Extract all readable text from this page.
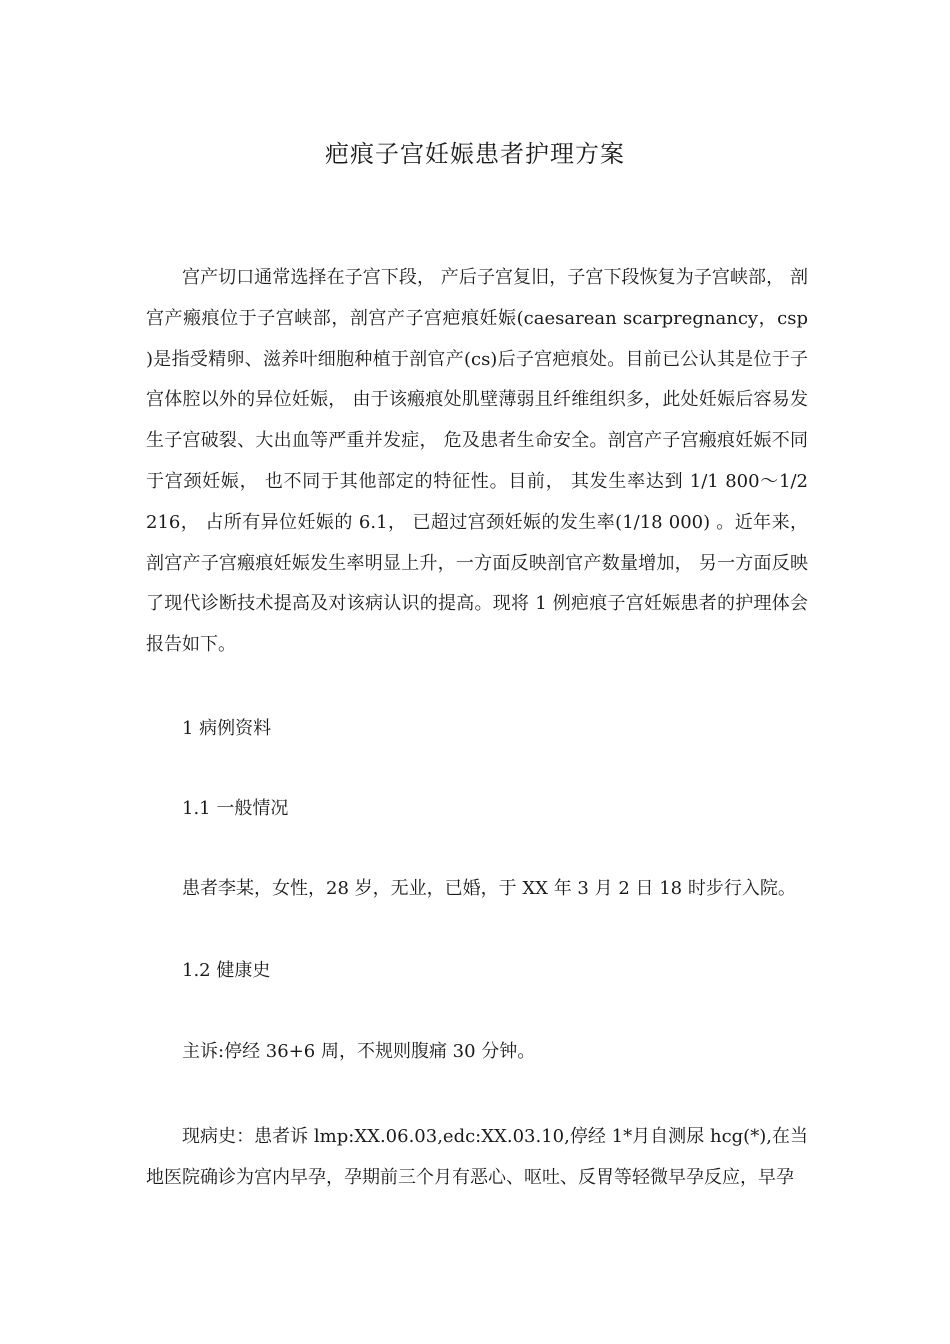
疤痕子宫妊娠患者护理方案

宫产切口通常选择在子宫下段， 产后子宫复旧，子宫下段恢复为子宫峡部， 剖宫产瘢痕位于子宫峡部，剖宫产子宫疤痕妊娠(caesarean scarpregnancy，csp )是指受精卵、滋养叶细胞种植于剖官产(cs)后子宫疤痕处。目前已公认其是位于子宫体腔以外的异位妊娠， 由于该瘢痕处肌壁薄弱且纤维组织多，此处妊娠后容易发生子宫破裂、大出血等严重并发症， 危及患者生命安全。剖宫产子宫瘢痕妊娠不同于宫颈妊娠， 也不同于其他部定的特征性。目前， 其发生率达到 1/1 800～1/2 216， 占所有异位妊娠的 6.1， 已超过宫颈妊娠的发生率(1/18 000) 。近年来， 剖宫产子宫瘢痕妊娠发生率明显上升，一方面反映剖官产数量增加， 另一方面反映了现代诊断技术提高及对该病认识的提高。现将 1 例疤痕子宫妊娠患者的护理体会报告如下。

1 病例资料

1.1 一般情况

患者李某，女性，28 岁，无业，已婚，于 XX 年 3 月 2 日 18 时步行入院。

1.2 健康史

主诉:停经 36+6 周，不规则腹痛 30 分钟。

现病史：患者诉 lmp:XX.06.03,edc:XX.03.10,停经 1*月自测尿 hcg(*),在当地医院确诊为宫内早孕，孕期前三个月有恶心、呕吐、反胃等轻微早孕反应，早孕
